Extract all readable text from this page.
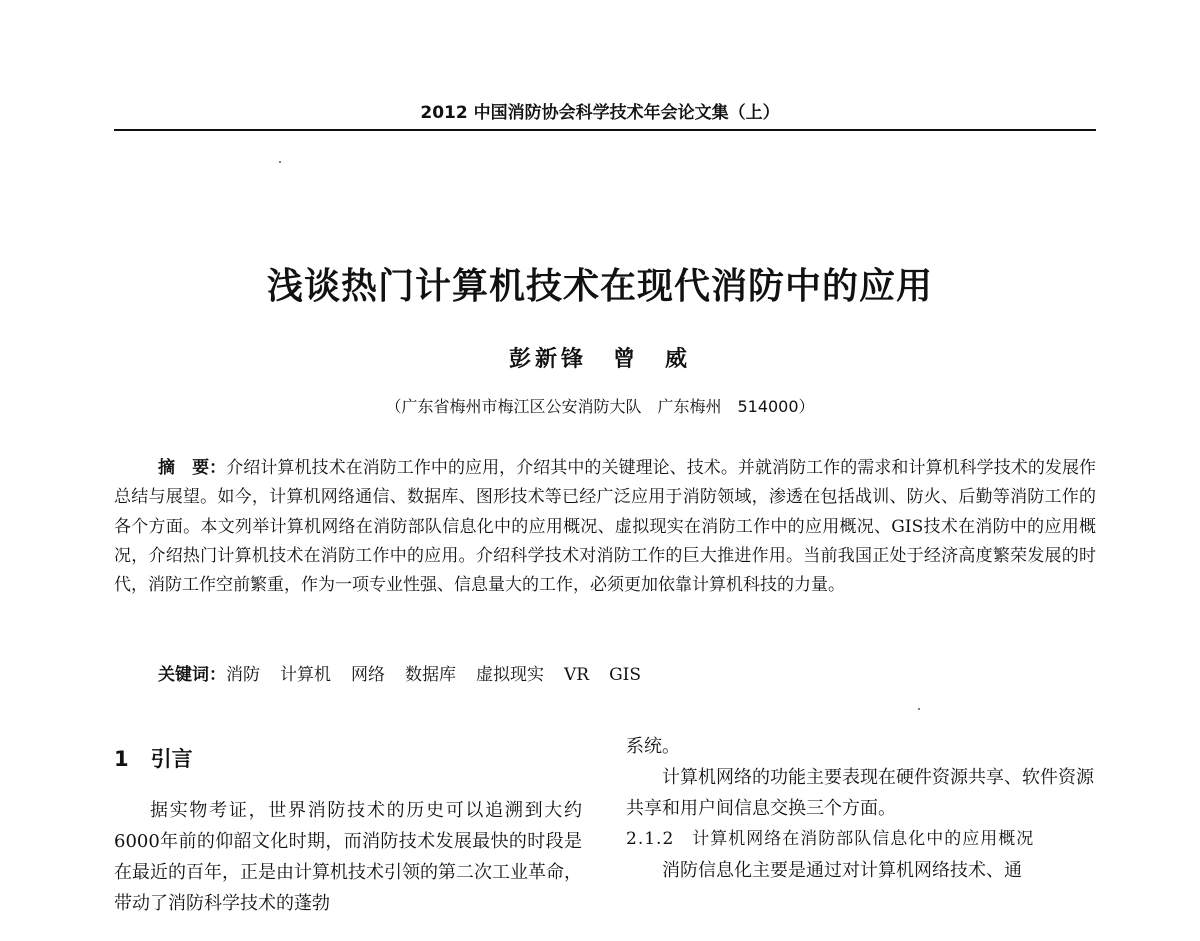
2012 中国消防协会科学技术年会论文集（上）
浅谈热门计算机技术在现代消防中的应用
彭新锋　曾　威
（广东省梅州市梅江区公安消防大队　广东梅州　514000）

摘　要：介绍计算机技术在消防工作中的应用，介绍其中的关键理论、技术。并就消防工作的需求和计算机科学技术的发展作总结与展望。如今，计算机网络通信、数据库、图形技术等已经广泛应用于消防领域，渗透在包括战训、防火、后勤等消防工作的各个方面。本文列举计算机网络在消防部队信息化中的应用概况、虚拟现实在消防工作中的应用概况、GIS技术在消防中的应用概况，介绍热门计算机技术在消防工作中的应用。介绍科学技术对消防工作的巨大推进作用。当前我国正处于经济高度繁荣发展的时代，消防工作空前繁重，作为一项专业性强、信息量大的工作，必须更加依靠计算机科技的力量。

关键词：消防 计算机 网络 数据库 虚拟现实 VR GIS

1 引言

据实物考证，世界消防技术的历史可以追溯到大约6000年前的仰韶文化时期，而消防技术发展最快的时段是在最近的百年，正是由计算机技术引领的第二次工业革命，带动了消防科学技术的蓬勃

系统。

计算机网络的功能主要表现在硬件资源共享、软件资源共享和用户间信息交换三个方面。

2.1.2 计算机网络在消防部队信息化中的应用概况

消防信息化主要是通过对计算机网络技术、通
